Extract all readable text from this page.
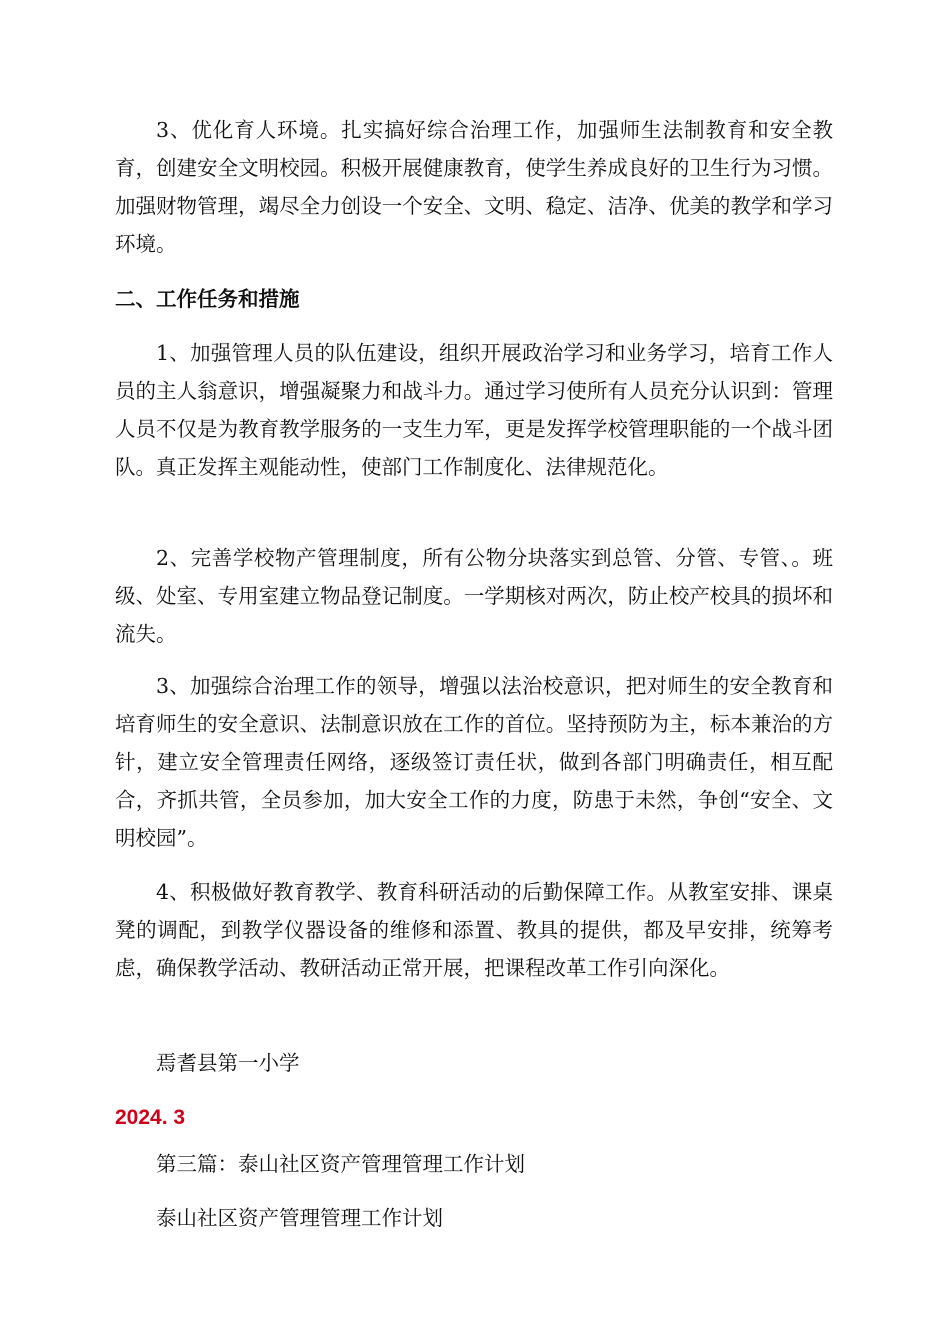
3、优化育人环境。扎实搞好综合治理工作，加强师生法制教育和安全教育，创建安全文明校园。积极开展健康教育，使学生养成良好的卫生行为习惯。加强财物管理，竭尽全力创设一个安全、文明、稳定、洁净、优美的教学和学习环境。

二、工作任务和措施

1、加强管理人员的队伍建设，组织开展政治学习和业务学习，培育工作人员的主人翁意识，增强凝聚力和战斗力。通过学习使所有人员充分认识到：管理人员不仅是为教育教学服务的一支生力军，更是发挥学校管理职能的一个战斗团队。真正发挥主观能动性，使部门工作制度化、法律规范化。

2、完善学校物产管理制度，所有公物分块落实到总管、分管、专管、。班级、处室、专用室建立物品登记制度。一学期核对两次，防止校产校具的损坏和流失。

3、加强综合治理工作的领导，增强以法治校意识，把对师生的安全教育和培育师生的安全意识、法制意识放在工作的首位。坚持预防为主，标本兼治的方针，建立安全管理责任网络，逐级签订责任状，做到各部门明确责任，相互配合，齐抓共管，全员参加，加大安全工作的力度，防患于未然，争创“安全、文明校园”。

4、积极做好教育教学、教育科研活动的后勤保障工作。从教室安排、课桌凳的调配，到教学仪器设备的维修和添置、教具的提供，都及早安排，统筹考虑，确保教学活动、教研活动正常开展，把课程改革工作引向深化。

焉耆县第一小学

2024. 3

第三篇：泰山社区资产管理管理工作计划

泰山社区资产管理管理工作计划
